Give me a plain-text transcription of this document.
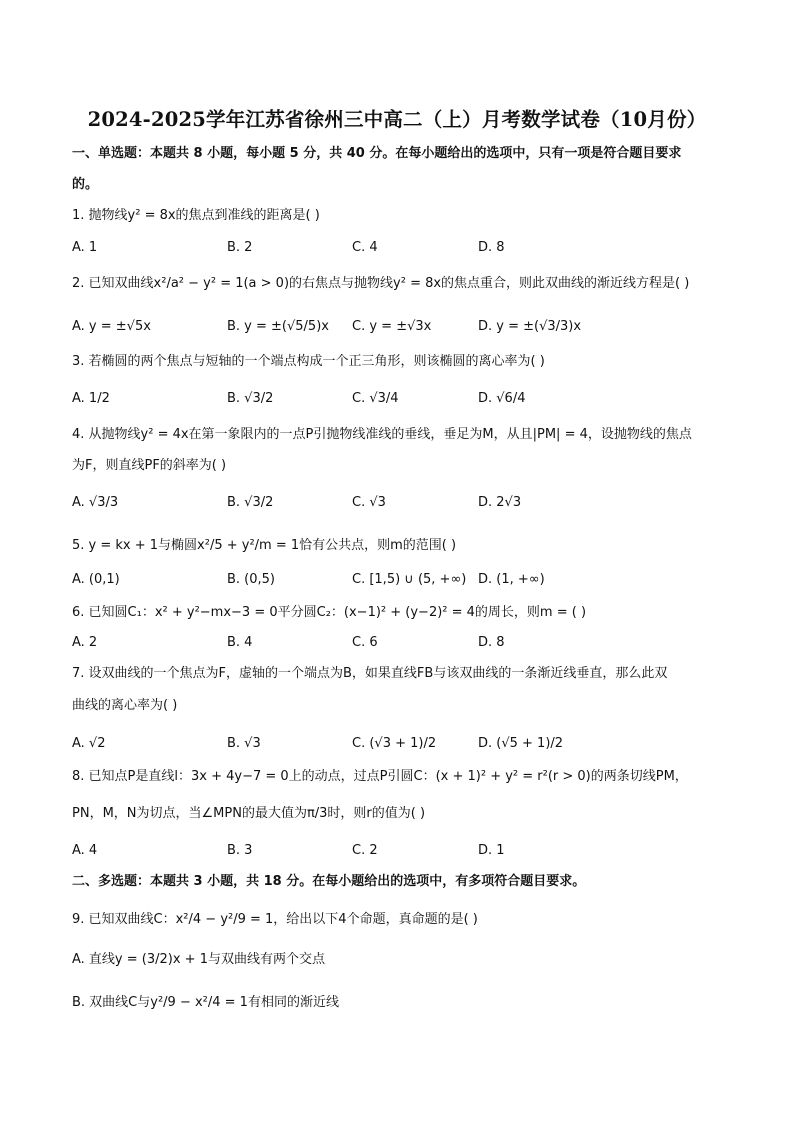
2024-2025学年江苏省徐州三中高二（上）月考数学试卷（10月份）
一、单选题：本题共 8 小题，每小题 5 分，共 40 分。在每小题给出的选项中，只有一项是符合题目要求
的。
1. 抛物线y² = 8x的焦点到准线的距离是( )
A. 1	B. 2	C. 4	D. 8
2. 已知双曲线x²/a² − y² = 1(a > 0)的右焦点与抛物线y² = 8x的焦点重合，则此双曲线的渐近线方程是( )
A. y = ±√5x	B. y = ±(√5/5)x C. y = ±√3x	D. y = ±(√3/3)x
3. 若椭圆的两个焦点与短轴的一个端点构成一个正三角形，则该椭圆的离心率为( )
A. 1/2	B. √3/2	C. √3/4	D. √6/4
4. 从抛物线y² = 4x在第一象限内的一点P引抛物线准线的垂线，垂足为M，从且|PM| = 4，设抛物线的焦点
为F，则直线PF的斜率为( )
A. √3/3	B. √3/2	C. √3	D. 2√3
5. y = kx + 1与椭圆x²/5 + y²/m = 1恰有公共点，则m的范围( )
A. (0,1)	B. (0,5)	C. [1,5) ∪ (5, +∞) D. (1, +∞)
6. 已知圆C₁：x² + y²−mx−3 = 0平分圆C₂：(x−1)² + (y−2)² = 4的周长，则m = ( )
A. 2	B. 4	C. 6	D. 8
7. 设双曲线的一个焦点为F，虚轴的一个端点为B，如果直线FB与该双曲线的一条渐近线垂直，那么此双
曲线的离心率为( )
A. √2	B. √3	C. (√3 + 1)/2	D. (√5 + 1)/2
8. 已知点P是直线l：3x + 4y−7 = 0上的动点，过点P引圆C：(x + 1)² + y² = r²(r > 0)的两条切线PM，
PN，M，N为切点，当∠MPN的最大值为π/3时，则r的值为( )
A. 4	B. 3	C. 2	D. 1
二、多选题：本题共 3 小题，共 18 分。在每小题给出的选项中，有多项符合题目要求。
9. 已知双曲线C：x²/4 − y²/9 = 1，给出以下4个命题，真命题的是( )
A. 直线y = (3/2)x + 1与双曲线有两个交点
B. 双曲线C与y²/9 − x²/4 = 1有相同的渐近线
